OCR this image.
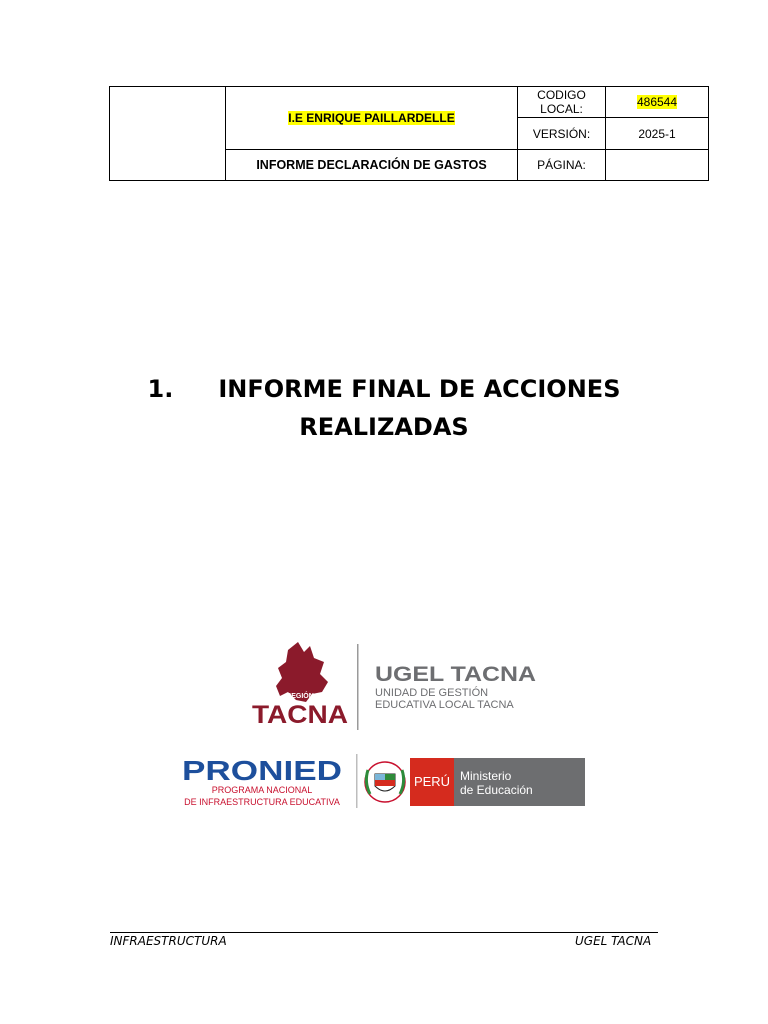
	I.E ENRIQUE PAILLARDELLE	CODIGO LOCAL:	486544
		VERSIÓN:	2025-1
	INFORME DECLARACIÓN DE GASTOS	PÁGINA:	
1. INFORME FINAL DE ACCIONES
REALIZADAS
REGIÓN
TACNA
UGEL TACNA
UNIDAD DE GESTIÓN
EDUCATIVA LOCAL TACNA
PRONIED
PROGRAMA NACIONAL
DE INFRAESTRUCTURA EDUCATIVA
PERÚ Ministerio
de Educación
INFRAESTRUCTURA	UGEL TACNA
